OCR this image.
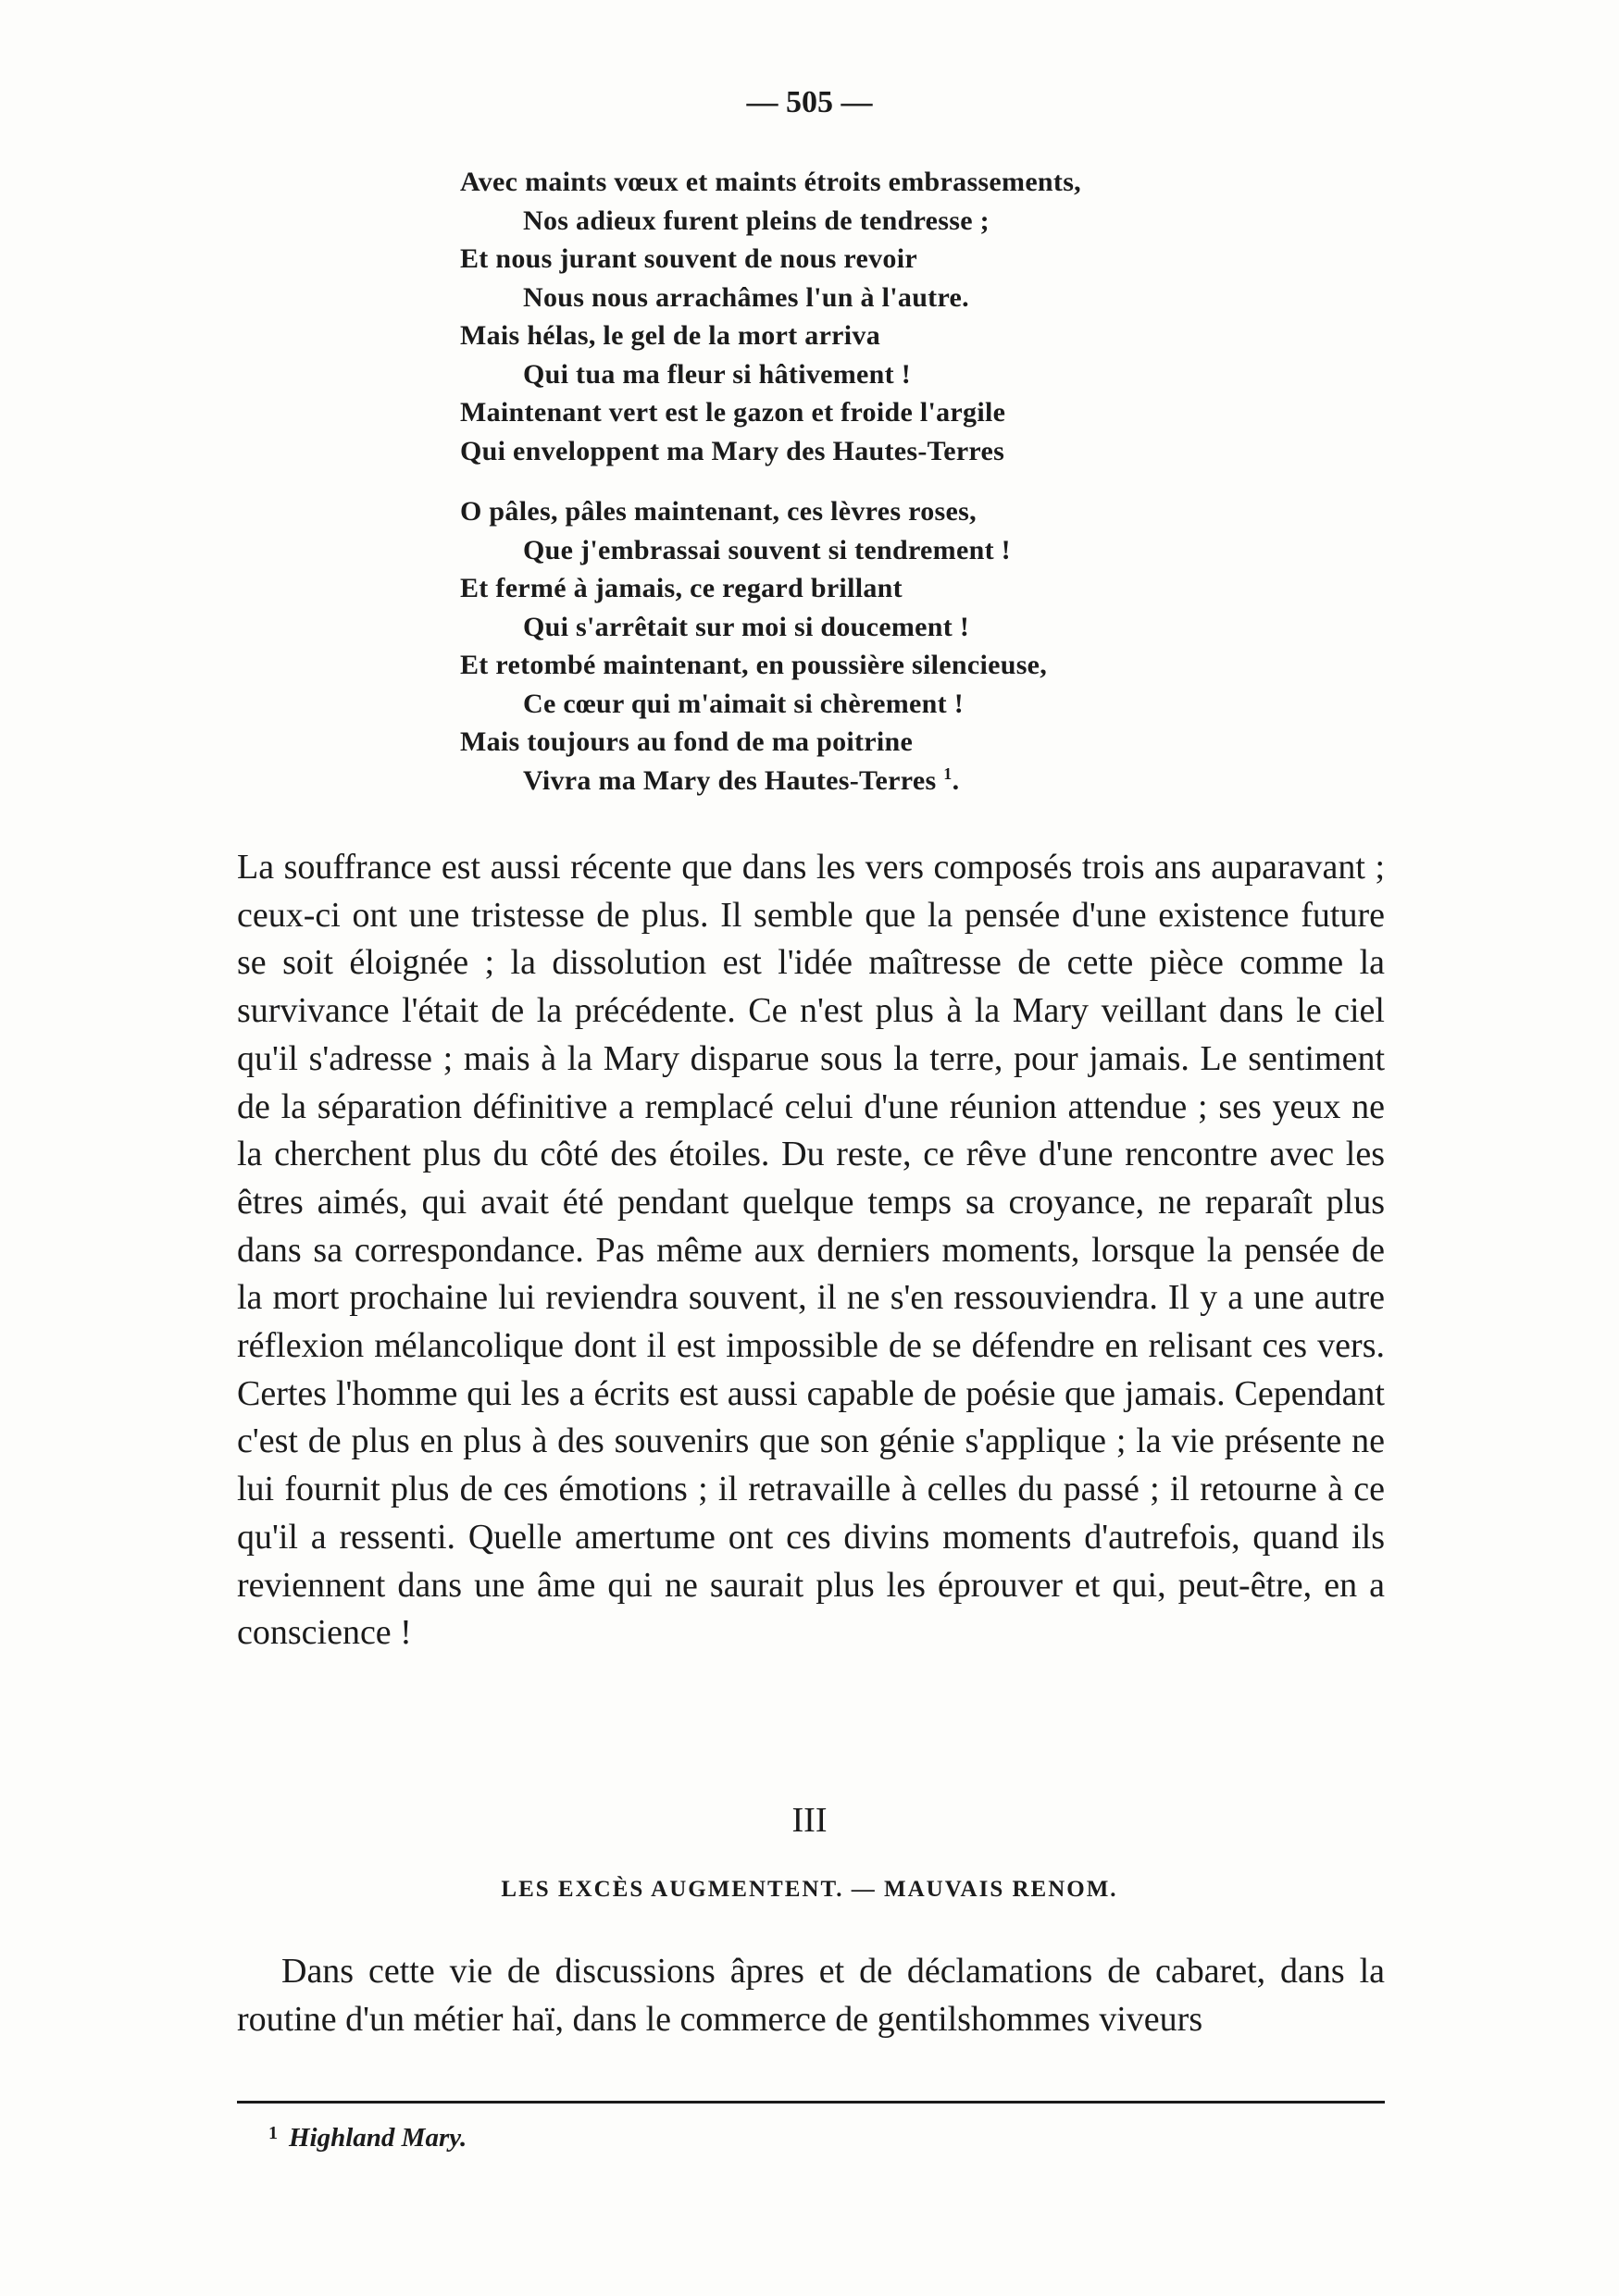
— 505 —
Avec maints vœux et maints étroits embrassements,
Nos adieux furent pleins de tendresse ;
Et nous jurant souvent de nous revoir
Nous nous arrachâmes l'un à l'autre.
Mais hélas, le gel de la mort arriva
Qui tua ma fleur si hâtivement !
Maintenant vert est le gazon et froide l'argile
Qui enveloppent ma Mary des Hautes-Terres
O pâles, pâles maintenant, ces lèvres roses,
Que j'embrassai souvent si tendrement !
Et fermé à jamais, ce regard brillant
Qui s'arrêtait sur moi si doucement !
Et retombé maintenant, en poussière silencieuse,
Ce cœur qui m'aimait si chèrement !
Mais toujours au fond de ma poitrine
Vivra ma Mary des Hautes-Terres $^1$.

La souffrance est aussi récente que dans les vers composés trois ans auparavant ; ceux-ci ont une tristesse de plus. Il semble que la pensée d'une existence future se soit éloignée ; la dissolution est l'idée maîtresse de cette pièce comme la survivance l'était de la précédente. Ce n'est plus à la Mary veillant dans le ciel qu'il s'adresse ; mais à la Mary disparue sous la terre, pour jamais. Le sentiment de la séparation définitive a remplacé celui d'une réunion attendue ; ses yeux ne la cherchent plus du côté des étoiles. Du reste, ce rêve d'une rencontre avec les êtres aimés, qui avait été pendant quelque temps sa croyance, ne reparaît plus dans sa correspondance. Pas même aux derniers moments, lorsque la pensée de la mort prochaine lui reviendra souvent, il ne s'en ressouviendra. Il y a une autre réflexion mélancolique dont il est impossible de se défendre en relisant ces vers. Certes l'homme qui les a écrits est aussi capable de poésie que jamais. Cependant c'est de plus en plus à des souvenirs que son génie s'applique ; la vie présente ne lui fournit plus de ces émotions ; il retravaille à celles du passé ; il retourne à ce qu'il a ressenti. Quelle amertume ont ces divins moments d'autrefois, quand ils reviennent dans une âme qui ne saurait plus les éprouver et qui, peut-être, en a conscience !

III
LES EXCÈS AUGMENTENT. — MAUVAIS RENOM.

Dans cette vie de discussions âpres et de déclamations de cabaret, dans la routine d'un métier haï, dans le commerce de gentilshommes viveurs

$^1$ Highland Mary.
